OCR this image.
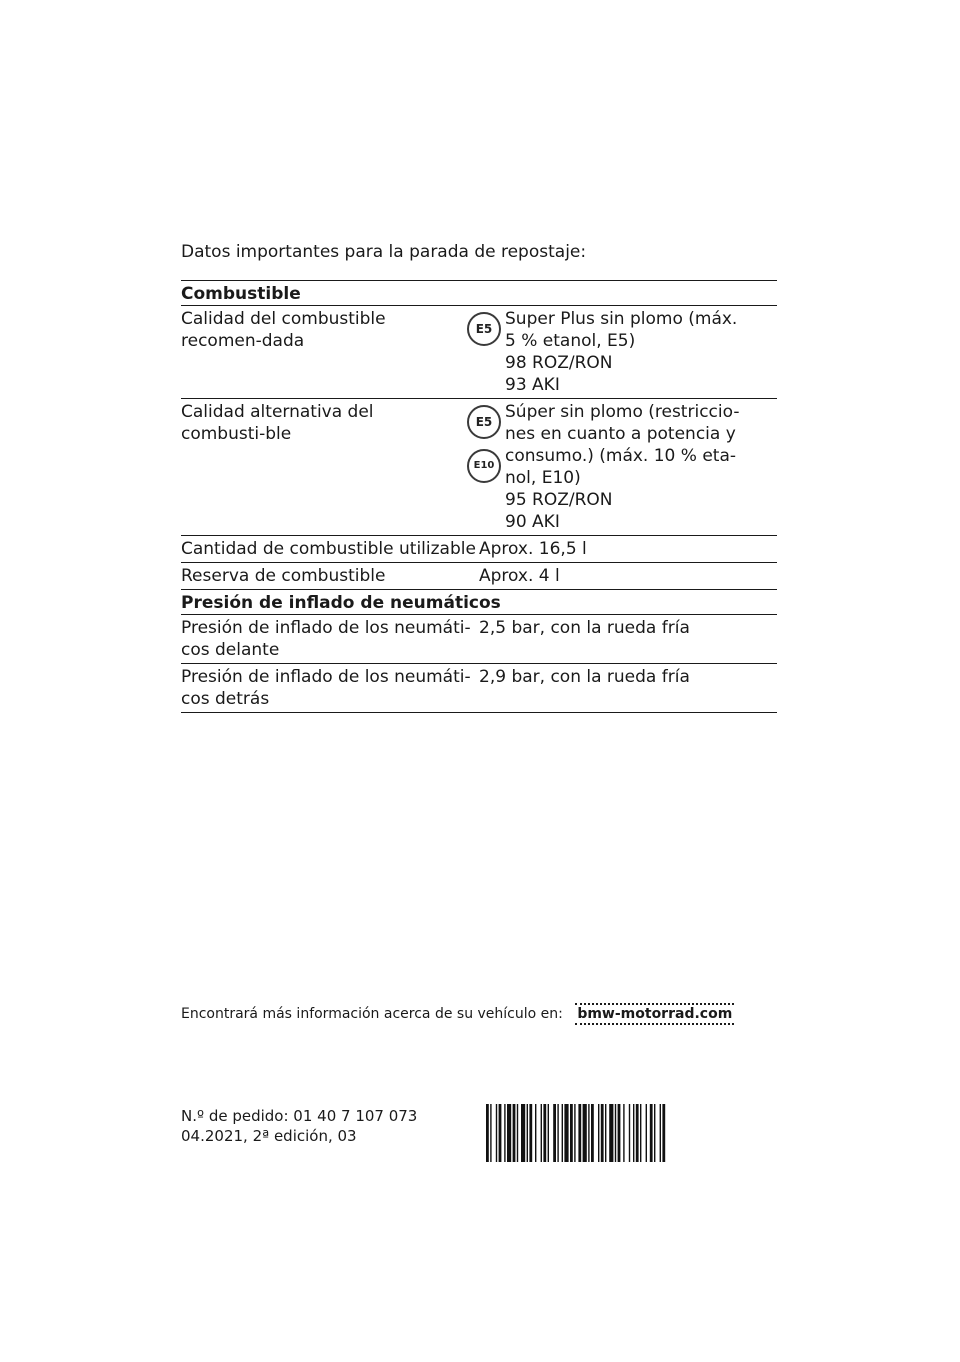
Datos importantes para la parada de repostaje:
Combustible
Calidad del combustible recomen-dada
E5 Super Plus sin plomo (máx.
5 % etanol, E5)
98 ROZ/RON
93 AKI
Calidad alternativa del combusti-ble
E5
E10
Súper sin plomo (restriccio-
nes en cuanto a potencia y
consumo.) (máx. 10 % eta-
nol, E10)
95 ROZ/RON
90 AKI
Cantidad de combustible utilizable Aprox. 16,5 l
Reserva de combustible	Aprox. 4 l
Presión de inflado de neumáticos
Presión de inflado de los neumáti-cos delante
2,5 bar, con la rueda fría
Presión de inflado de los neumáti-cos detrás
2,9 bar, con la rueda fría
Encontrará más información acerca de su vehículo en: bmw-motorrad.com
N.º de pedido: 01 40 7 107 073
04.2021, 2ª edición, 03
